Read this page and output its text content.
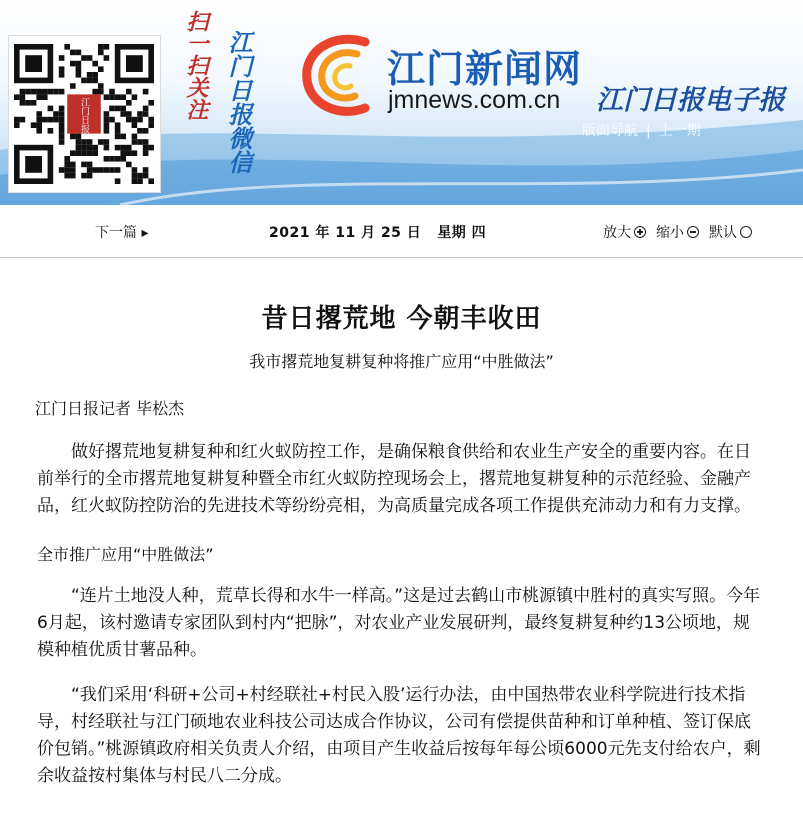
江门日报	扫一扫关注 江门日报微信	江门新闻网
jmnews.com.cn 江门日报电子报
版面导航 | 上一期
下一篇 ▸	2021 年 11 月 25 日 星期 四	放大 缩小 默认
昔日撂荒地 今朝丰收田
我市撂荒地复耕复种将推广应用“中胜做法”
江门日报记者 毕松杰
做好撂荒地复耕复种和红火蚁防控工作，是确保粮食供给和农业生产安全的重要内容。在日前举行的全市撂荒地复耕复种暨全市红火蚁防控现场会上，撂荒地复耕复种的示范经验、金融产品，红火蚁防控防治的先进技术等纷纷亮相，为高质量完成各项工作提供充沛动力和有力支撑。
全市推广应用“中胜做法”
“连片土地没人种，荒草长得和水牛一样高。”这是过去鹤山市桃源镇中胜村的真实写照。今年6月起，该村邀请专家团队到村内“把脉”，对农业产业发展研判，最终复耕复种约13公顷地，规模种植优质甘薯品种。
“我们采用‘科研+公司+村经联社+村民入股’运行办法，由中国热带农业科学院进行技术指导，村经联社与江门硕地农业科技公司达成合作协议，公司有偿提供苗种和订单种植、签订保底价包销。”桃源镇政府相关负责人介绍，由项目产生收益后按每年每公顷6000元先支付给农户，剩余收益按村集体与村民八二分成。
